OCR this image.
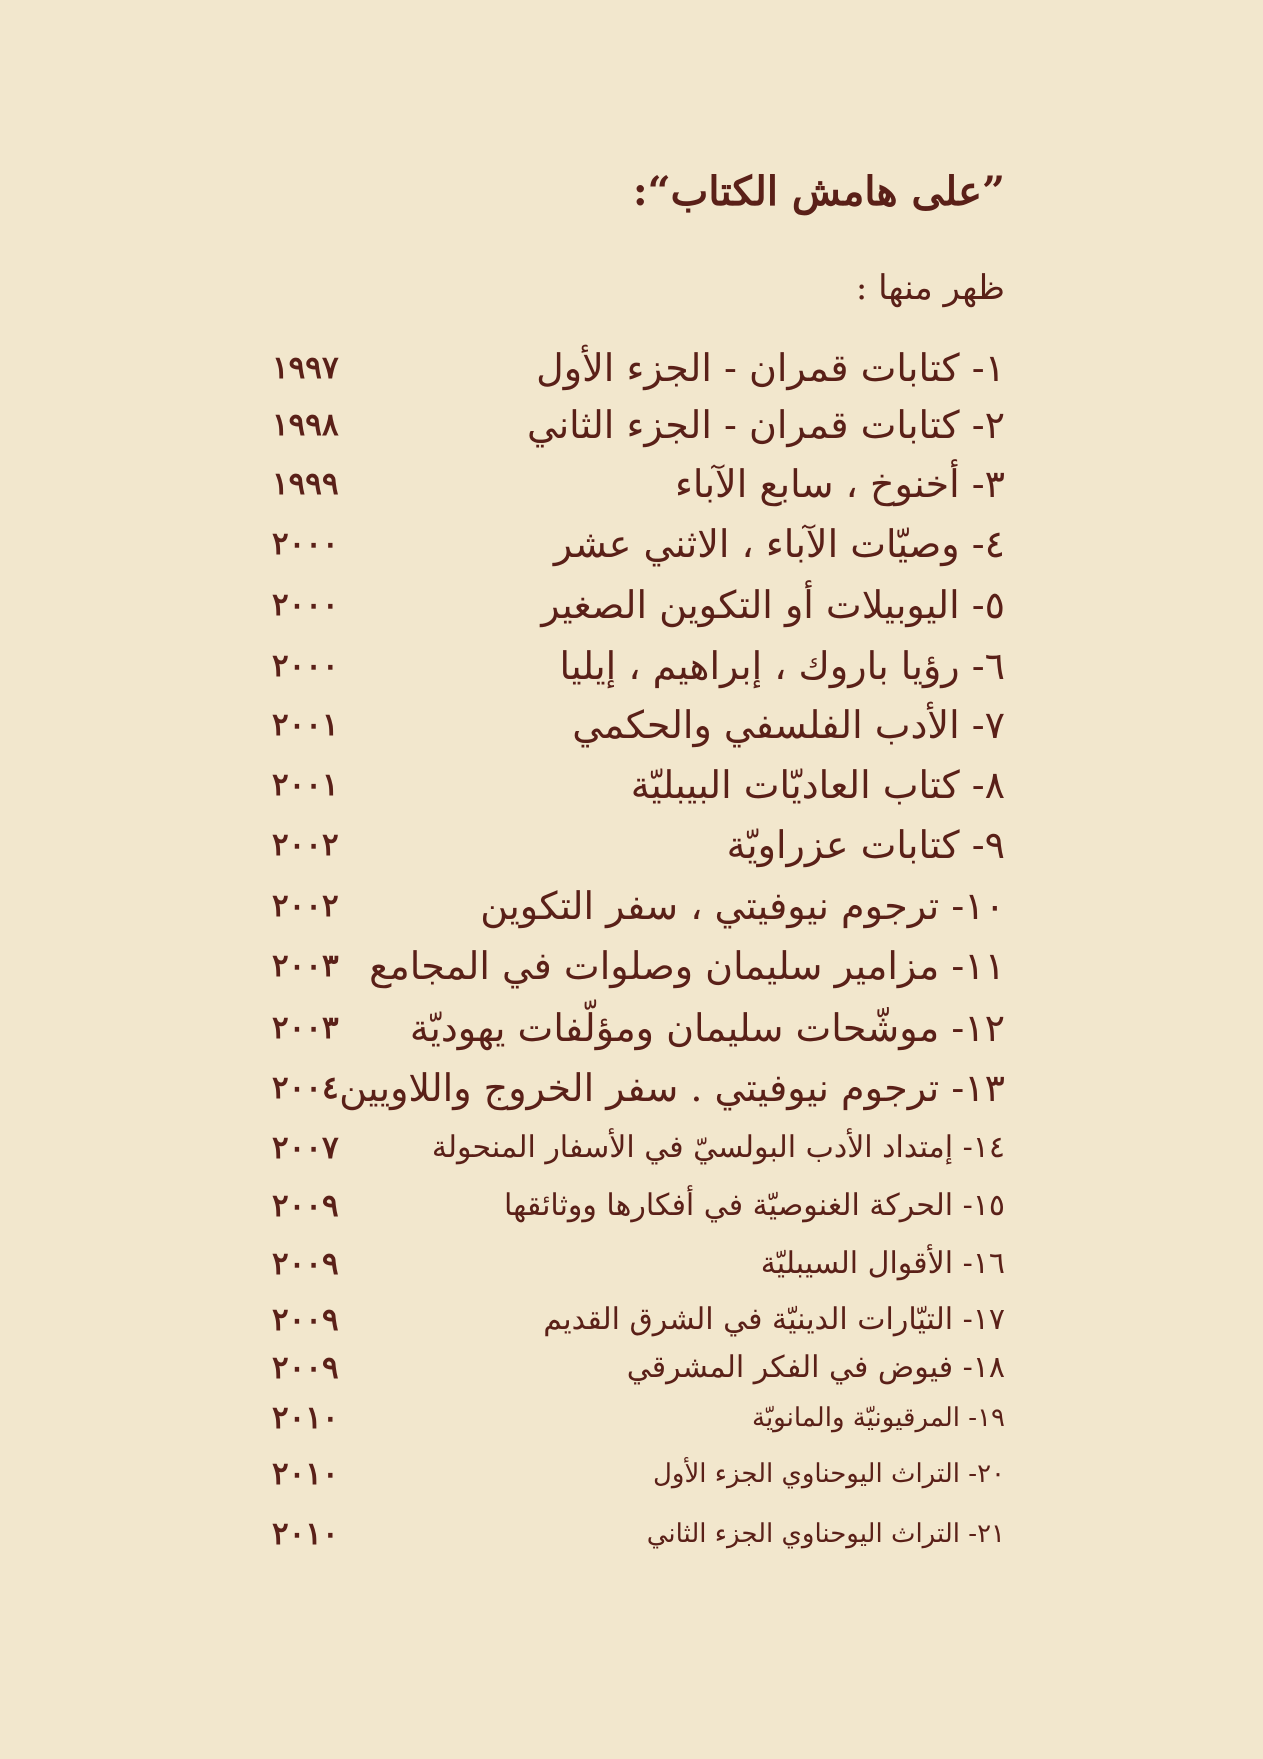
”على هامش الكتاب“:
ظهر منها :
١- كتابات قمران - الجزء الأول
١٩٩٧
٢- كتابات قمران - الجزء الثاني
١٩٩٨
٣- أخنوخ ، سابع الآباء
١٩٩٩
٤- وصيّات الآباء ، الاثني عشر
٢٠٠٠
٥- اليوبيلات أو التكوين الصغير
٢٠٠٠
٦- رؤيا باروك ، إبراهيم ، إيليا
٢٠٠٠
٧- الأدب الفلسفي والحكمي
٢٠٠١
٨- كتاب العاديّات البيبليّة
٢٠٠١
٩- كتابات عزراويّة
٢٠٠٢
١٠- ترجوم نيوفيتي ، سفر التكوين
٢٠٠٢
١١- مزامير سليمان وصلوات في المجامع
٢٠٠٣
١٢- موشّحات سليمان ومؤلّفات يهوديّة
٢٠٠٣
١٣- ترجوم نيوفيتي . سفر الخروج واللاويين
٢٠٠٤
١٤- إمتداد الأدب البولسيّ في الأسفار المنحولة
٢٠٠٧
١٥- الحركة الغنوصيّة في أفكارها ووثائقها
٢٠٠٩
١٦- الأقوال السيبليّة
٢٠٠٩
١٧- التيّارات الدينيّة في الشرق القديم
٢٠٠٩
١٨- فيوض في الفكر المشرقي
٢٠٠٩
١٩- المرقيونيّة والمانويّة
٢٠١٠
٢٠- التراث اليوحناوي الجزء الأول
٢٠١٠
٢١- التراث اليوحناوي الجزء الثاني
٢٠١٠
